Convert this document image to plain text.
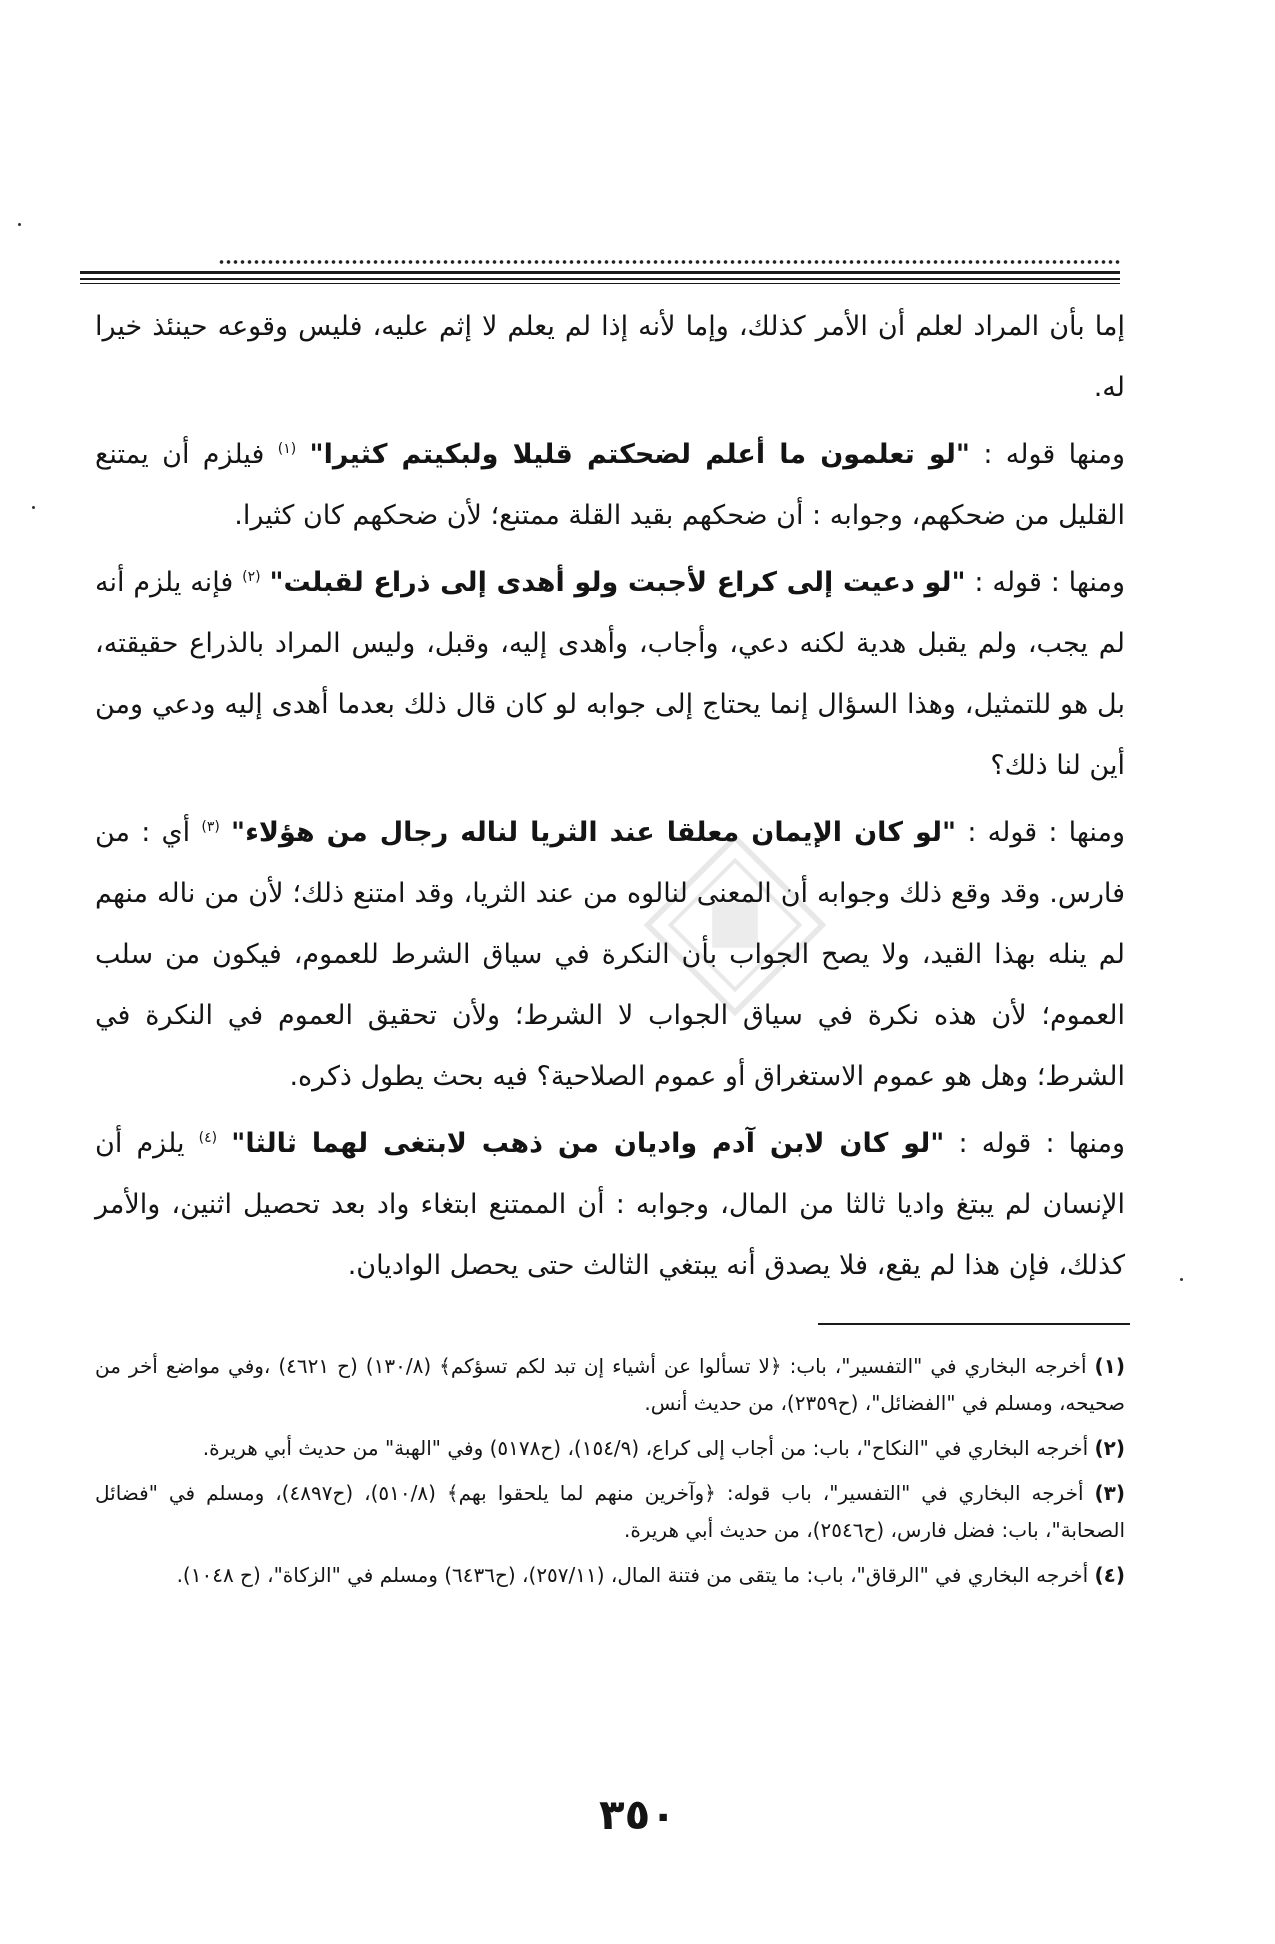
إما بأن المراد لعلم أن الأمر كذلك، وإما لأنه إذا لم يعلم لا إثم عليه، فليس وقوعه حينئذ خيرا له.

ومنها قوله : "لو تعلمون ما أعلم لضحكتم قليلا ولبكيتم كثيرا" $^{(١)}$ فيلزم أن يمتنع القليل من ضحكهم، وجوابه : أن ضحكهم بقيد القلة ممتنع؛ لأن ضحكهم كان كثيرا.

ومنها : قوله : "لو دعيت إلى كراع لأجبت ولو أهدى إلى ذراع لقبلت" $^{(٢)}$ فإنه يلزم أنه لم يجب، ولم يقبل هدية لكنه دعي، وأجاب، وأهدى إليه، وقبل، وليس المراد بالذراع حقيقته، بل هو للتمثيل، وهذا السؤال إنما يحتاج إلى جوابه لو كان قال ذلك بعدما أهدى إليه ودعي ومن أين لنا ذلك؟

ومنها : قوله : "لو كان الإيمان معلقا عند الثريا لناله رجال من هؤلاء" $^{(٣)}$ أي : من فارس. وقد وقع ذلك وجوابه أن المعنى لنالوه من عند الثريا، وقد امتنع ذلك؛ لأن من ناله منهم لم ينله بهذا القيد، ولا يصح الجواب بأن النكرة في سياق الشرط للعموم، فيكون من سلب العموم؛ لأن هذه نكرة في سياق الجواب لا الشرط؛ ولأن تحقيق العموم في النكرة في الشرط؛ وهل هو عموم الاستغراق أو عموم الصلاحية؟ فيه بحث يطول ذكره.

ومنها : قوله : "لو كان لابن آدم واديان من ذهب لابتغى لهما ثالثا" $^{(٤)}$ يلزم أن الإنسان لم يبتغ واديا ثالثا من المال، وجوابه : أن الممتنع ابتغاء واد بعد تحصيل اثنين، والأمر كذلك، فإن هذا لم يقع، فلا يصدق أنه يبتغي الثالث حتى يحصل الواديان.

(١) أخرجه البخاري في "التفسير"، باب: ﴿لا تسألوا عن أشياء إن تبد لكم تسؤكم﴾ (١٣٠/٨) (ح ٤٦٢١) ،وفي مواضع أخر من صحيحه، ومسلم في "الفضائل"، (ح٢٣٥٩)، من حديث أنس.

(٢) أخرجه البخاري في "النكاح"، باب: من أجاب إلى كراع، (١٥٤/٩)، (ح٥١٧٨) وفي "الهبة" من حديث أبي هريرة.

(٣) أخرجه البخاري في "التفسير"، باب قوله: ﴿وآخرين منهم لما يلحقوا بهم﴾ (٥١٠/٨)، (ح٤٨٩٧)، ومسلم في "فضائل الصحابة"، باب: فضل فارس، (ح٢٥٤٦)، من حديث أبي هريرة.

(٤) أخرجه البخاري في "الرقاق"، باب: ما يتقى من فتنة المال، (٢٥٧/١١)، (ح٦٤٣٦) ومسلم في "الزكاة"، (ح ١٠٤٨).

٣٥٠
